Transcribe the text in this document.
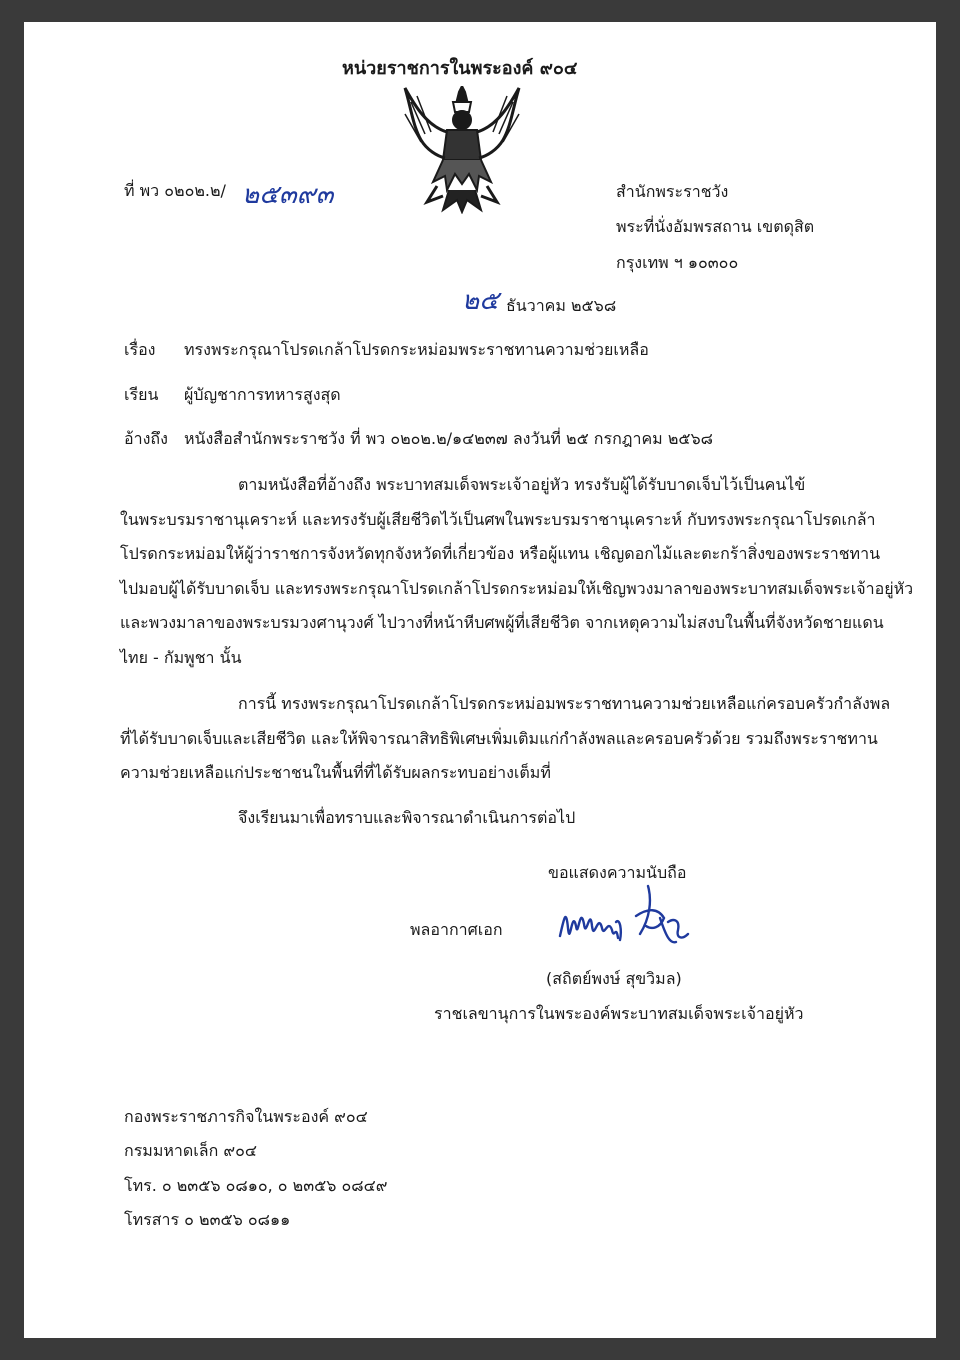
หน่วยราชการในพระองค์ ๙๐๔
ที่ พว ๐๒๐๒.๒/ ๒๕๓๙๓	สำนักพระราชวัง
พระที่นั่งอัมพรสถาน เขตดุสิต
กรุงเทพ ฯ ๑๐๓๐๐
๒๕ ธันวาคม ๒๕๖๘
เรื่อง ทรงพระกรุณาโปรดเกล้าโปรดกระหม่อมพระราชทานความช่วยเหลือ
เรียน ผู้บัญชาการทหารสูงสุด
อ้างถึง หนังสือสำนักพระราชวัง ที่ พว ๐๒๐๒.๒/๑๔๒๓๗ ลงวันที่ ๒๕ กรกฎาคม ๒๕๖๘
ตามหนังสือที่อ้างถึง พระบาทสมเด็จพระเจ้าอยู่หัว ทรงรับผู้ได้รับบาดเจ็บไว้เป็นคนไข้
ในพระบรมราชานุเคราะห์ และทรงรับผู้เสียชีวิตไว้เป็นศพในพระบรมราชานุเคราะห์ กับทรงพระกรุณาโปรดเกล้า
โปรดกระหม่อมให้ผู้ว่าราชการจังหวัดทุกจังหวัดที่เกี่ยวข้อง หรือผู้แทน เชิญดอกไม้และตะกร้าสิ่งของพระราชทาน
ไปมอบผู้ได้รับบาดเจ็บ และทรงพระกรุณาโปรดเกล้าโปรดกระหม่อมให้เชิญพวงมาลาของพระบาทสมเด็จพระเจ้าอยู่หัว
และพวงมาลาของพระบรมวงศานุวงศ์ ไปวางที่หน้าหีบศพผู้ที่เสียชีวิต จากเหตุความไม่สงบในพื้นที่จังหวัดชายแดน
ไทย - กัมพูชา นั้น
การนี้ ทรงพระกรุณาโปรดเกล้าโปรดกระหม่อมพระราชทานความช่วยเหลือแก่ครอบครัวกำลังพล
ที่ได้รับบาดเจ็บและเสียชีวิต และให้พิจารณาสิทธิพิเศษเพิ่มเติมแก่กำลังพลและครอบครัวด้วย รวมถึงพระราชทาน
ความช่วยเหลือแก่ประชาชนในพื้นที่ที่ได้รับผลกระทบอย่างเต็มที่
จึงเรียนมาเพื่อทราบและพิจารณาดำเนินการต่อไป
ขอแสดงความนับถือ
พลอากาศเอก
(สถิตย์พงษ์ สุขวิมล)
ราชเลขานุการในพระองค์พระบาทสมเด็จพระเจ้าอยู่หัว
กองพระราชภารกิจในพระองค์ ๙๐๔
กรมมหาดเล็ก ๙๐๔
โทร. ๐ ๒๓๕๖ ๐๘๑๐, ๐ ๒๓๕๖ ๐๘๔๙
โทรสาร ๐ ๒๓๕๖ ๐๘๑๑
